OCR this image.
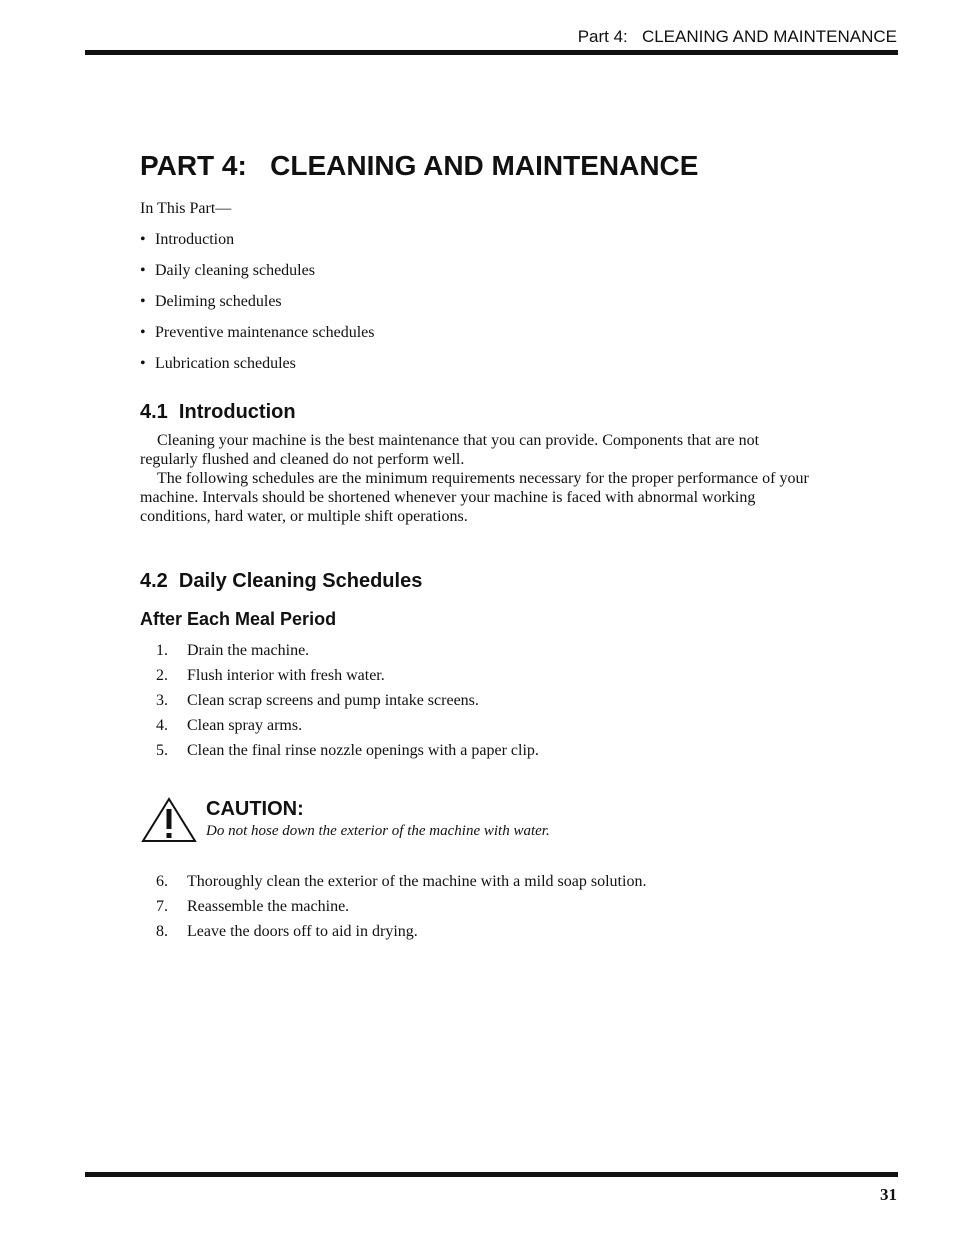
Part 4:   CLEANING AND MAINTENANCE
PART 4:   CLEANING AND MAINTENANCE
In This Part—
• Introduction
• Daily cleaning schedules
• Deliming schedules
• Preventive maintenance schedules
• Lubrication schedules
4.1  Introduction

Cleaning your machine is the best maintenance that you can provide. Components that are not regularly flushed and cleaned do not perform well.

The following schedules are the minimum requirements necessary for the proper performance of your machine. Intervals should be shortened whenever your machine is faced with abnormal working conditions, hard water, or multiple shift operations.

4.2  Daily Cleaning Schedules
After Each Meal Period
1. Drain the machine.
2. Flush interior with fresh water.
3. Clean scrap screens and pump intake screens.
4. Clean spray arms.
5. Clean the final rinse nozzle openings with a paper clip.
CAUTION:
Do not hose down the exterior of the machine with water.
6. Thoroughly clean the exterior of the machine with a mild soap solution.
7. Reassemble the machine.
8. Leave the doors off to aid in drying.
31
